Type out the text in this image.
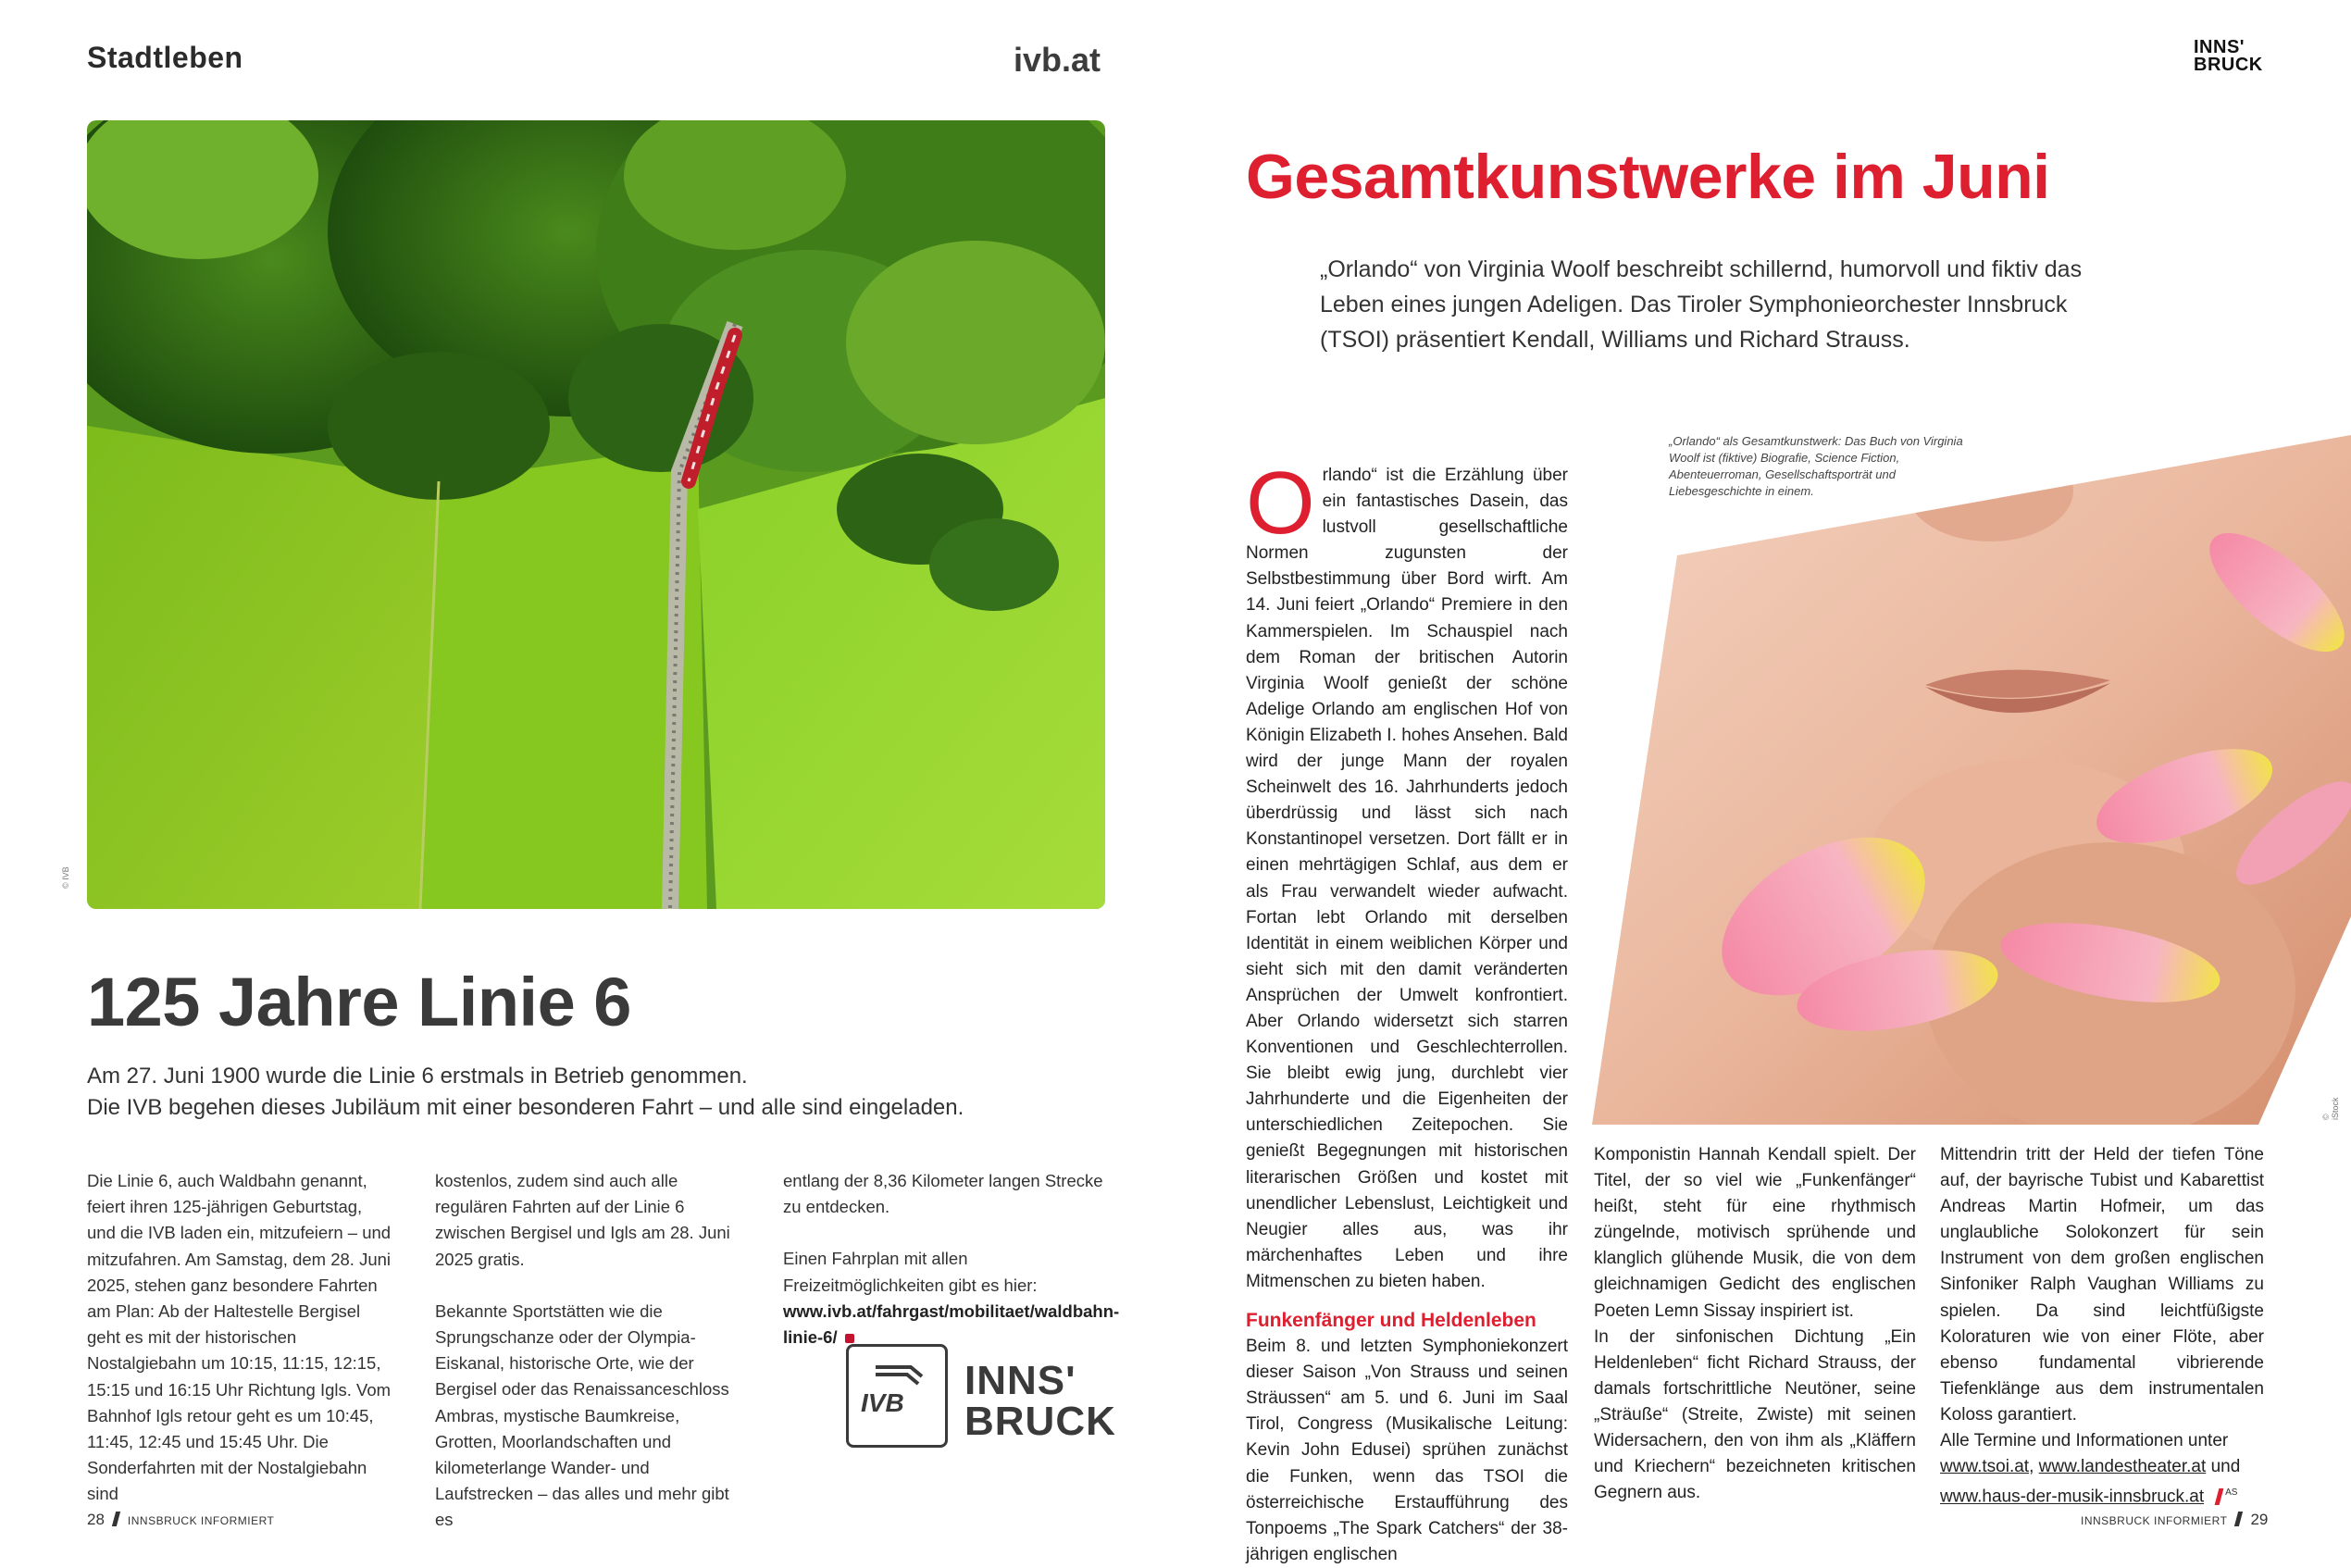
Stadtleben	ivb.at	INNS'
BRUCK
© IVB
125 Jahre Linie 6
Am 27. Juni 1900 wurde die Linie 6 erstmals in Betrieb genommen.
Die IVB begehen dieses Jubiläum mit einer besonderen Fahrt – und alle sind eingeladen.

Die Linie 6, auch Waldbahn genannt, feiert ihren 125-jährigen Geburtstag, und die IVB laden ein, mitzufeiern – und mitzufahren. Am Samstag, dem 28. Juni 2025, stehen ganz besondere Fahrten am Plan: Ab der Haltestelle Bergisel geht es mit der historischen Nostalgiebahn um 10:15, 11:15, 12:15, 15:15 und 16:15 Uhr Richtung Igls. Vom Bahnhof Igls retour geht es um 10:45, 11:45, 12:45 und 15:45 Uhr. Die Sonderfahrten mit der Nostalgiebahn sind

kostenlos, zudem sind auch alle regulären Fahrten auf der Linie 6 zwischen Bergisel und Igls am 28. Juni 2025 gratis.

Bekannte Sportstätten wie die Sprungschanze oder der Olympia-Eiskanal, historische Orte, wie der Bergisel oder das Renaissanceschloss Ambras, mystische Baumkreise, Grotten, Moorlandschaften und kilometerlange Wander- und Laufstrecken – das alles und mehr gibt es

entlang der 8,36 Kilometer langen Strecke zu entdecken.

Einen Fahrplan mit allen Freizeitmöglichkeiten gibt es hier: www.ivb.at/fahrgast/mobilitaet/waldbahn-linie-6/

IVB INNS'
BRUCK
28 INNSBRUCK INFORMIERT
Gesamtkunstwerke im Juni
„Orlando“ von Virginia Woolf beschreibt schillernd, humorvoll und fiktiv das Leben eines jungen Adeligen. Das Tiroler Symphonieorchester Innsbruck (TSOI) präsentiert Kendall, Williams und Richard Strauss.
„Orlando“ als Gesamtkunstwerk: Das Buch von Virginia Woolf ist (fiktive) Biografie, Science Fiction, Abenteuerroman, Gesellschaftsporträt und Liebesgeschichte in einem.
© iStock
O rlando“ ist die Erzählung über ein fantastisches Dasein, das lustvoll gesellschaftliche Normen zugunsten der Selbstbestimmung über Bord wirft. Am 14. Juni feiert „Orlando“ Premiere in den Kammerspielen. Im Schauspiel nach dem Roman der britischen Autorin Virginia Woolf genießt der schöne Adelige Orlando am englischen Hof von Königin Elizabeth I. hohes Ansehen. Bald wird der junge Mann der royalen Scheinwelt des 16. Jahrhunderts jedoch überdrüssig und lässt sich nach Konstantinopel versetzen. Dort fällt er in einen mehrtägigen Schlaf, aus dem er als Frau verwandelt wieder aufwacht. Fortan lebt Orlando mit derselben Identität in einem weiblichen Körper und sieht sich mit den damit veränderten Ansprüchen der Umwelt konfrontiert. Aber Orlando widersetzt sich starren Konventionen und Geschlechterrollen. Sie bleibt ewig jung, durchlebt vier Jahrhunderte und die Eigenheiten der unterschiedlichen Zeitepochen. Sie genießt Begegnungen mit historischen literarischen Größen und kostet mit unendlicher Lebenslust, Leichtigkeit und Neugier alles aus, was ihr märchenhaftes Leben und ihre Mitmenschen zu bieten haben.

Funkenfänger und Heldenleben

Beim 8. und letzten Symphoniekonzert dieser Saison „Von Strauss und seinen Sträussen“ am 5. und 6. Juni im Saal Tirol, Congress (Musikalische Leitung: Kevin John Edusei) sprühen zunächst die Funken, wenn das TSOI die österreichische Erstaufführung des Tonpoems „The Spark Catchers“ der 38-jährigen englischen

Komponistin Hannah Kendall spielt. Der Titel, der so viel wie „Funkenfänger“ heißt, steht für eine rhythmisch züngelnde, motivisch sprühende und klanglich glühende Musik, die von dem gleichnamigen Gedicht des englischen Poeten Lemn Sissay inspiriert ist.

In der sinfonischen Dichtung „Ein Heldenleben“ ficht Richard Strauss, der damals fortschrittliche Neutöner, seine „Sträuße“ (Streite, Zwiste) mit seinen Widersachern, den von ihm als „Kläffern und Kriechern“ bezeichneten kritischen Gegnern aus.

Mittendrin tritt der Held der tiefen Töne auf, der bayrische Tubist und Kabarettist Andreas Martin Hofmeir, um das unglaubliche Solokonzert für sein Instrument von dem großen englischen Sinfoniker Ralph Vaughan Williams zu spielen. Da sind leichtfüßigste Koloraturen wie von einer Flöte, aber ebenso fundamental vibrierende Tiefenklänge aus dem instrumentalen Koloss garantiert.

Alle Termine und Informationen unter

www.tsoi.at, www.landestheater.at und

www.haus-der-musik-innsbruck.at $^{AS}$

INNSBRUCK INFORMIERT 29
